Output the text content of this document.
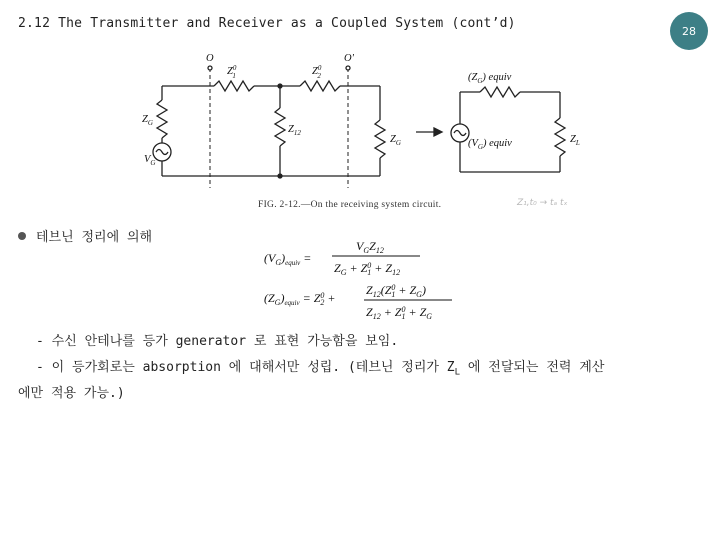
2.12 The Transmitter and Receiver as a Coupled System (cont’d)	28
O	O'
$Z^0$ 1	$Z^0$ 2
$Z_{12}$
$Z_G$
$V_G$
$Z_G$
$(Z_G)$ equiv
$(V_G)$ equiv	$Z_L$
FIG. 2-12.—On the receiving system circuit.	Z₁,t₀ → tₐ tₓ
테브닌 정리에 의해
$(V_G)_{equiv}$ =
$V_GZ_{12}$
$Z_G + Z^0$ $1 + Z_{12}$
$(Z_G)_{equiv} = Z^0$ 2 +
$Z_{12}(Z^0$ $1 + Z_G$)
$Z_{12} + Z^0$ $1 + Z_G$
- 수신 안테나를 등가 generator 로 표현 가능함을 보임.
- 이 등가회로는 absorption 에 대해서만 성립. (테브닌 정리가 $Z_L$ 에 전달되는 전력 계산
에만 적용 가능.)
